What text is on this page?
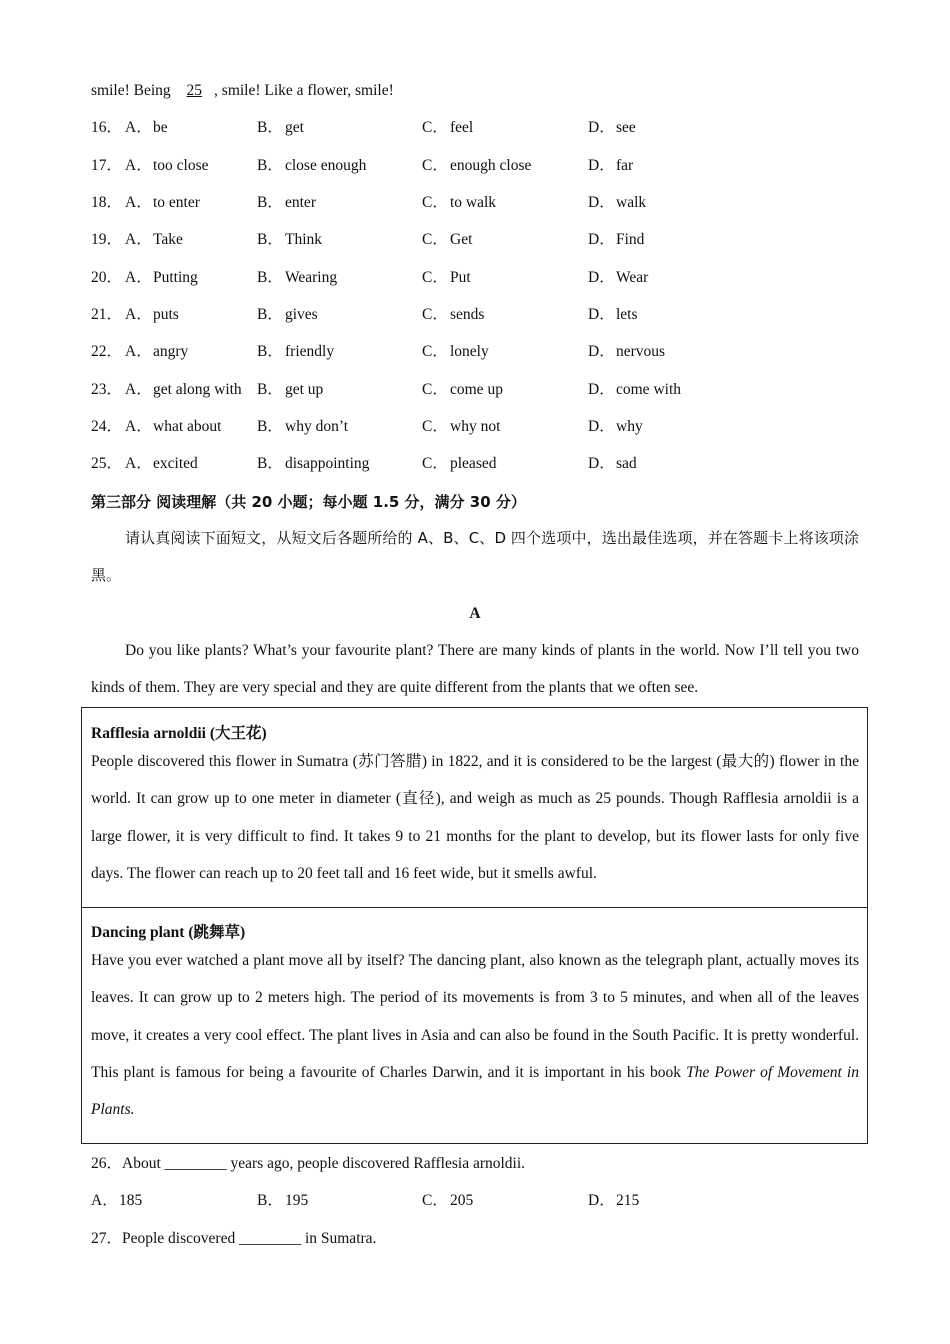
smile! Being 25 , smile! Like a flower, smile!
16． A．be	B． get	C． feel	D．see
17． A．too close	B． close enough	C． enough close	D．far
18． A．to enter	B． enter	C． to walk	D．walk
19． A．Take	B． Think	C． Get	D．Find
20． A．Putting	B． Wearing	C． Put	D．Wear
21． A．puts	B． gives	C． sends	D．lets
22． A．angry	B． friendly	C． lonely	D．nervous
23． A．get along with B． get up	C． come up	D．come with
24． A．what about B． why don’t	C． why not	D．why
25． A．excited	B． disappointing	C． pleased	D．sad
第三部分 阅读理解（共 20 小题；每小题 1.5 分，满分 30 分）
请认真阅读下面短文，从短文后各题所给的 A、B、C、D 四个选项中，选出最佳选项，并在答题卡上将该项涂黑。
A
Do you like plants? What’s your favourite plant? There are many kinds of plants in the world. Now I’ll tell you two kinds of them. They are very special and they are quite different from the plants that we often see.
Rafflesia arnoldii (大王花)
People discovered this flower in Sumatra (苏门答腊) in 1822, and it is considered to be the largest (最大的) flower in the world. It can grow up to one meter in diameter (直径), and weigh as much as 25 pounds. Though Rafflesia arnoldii is a large flower, it is very difficult to find. It takes 9 to 21 months for the plant to develop, but its flower lasts for only five days. The flower can reach up to 20 feet tall and 16 feet wide, but it smells awful.
Dancing plant (跳舞草)
Have you ever watched a plant move all by itself? The dancing plant, also known as the telegraph plant, actually moves its leaves. It can grow up to 2 meters high. The period of its movements is from 3 to 5 minutes, and when all of the leaves move, it creates a very cool effect. The plant lives in Asia and can also be found in the South Pacific. It is pretty wonderful. This plant is famous for being a favourite of Charles Darwin, and it is important in his book The Power of Movement in Plants.
26．About ________ years ago, people discovered Rafflesia arnoldii.
A．185	B． 195	C． 205	D．215
27．People discovered ________ in Sumatra.
